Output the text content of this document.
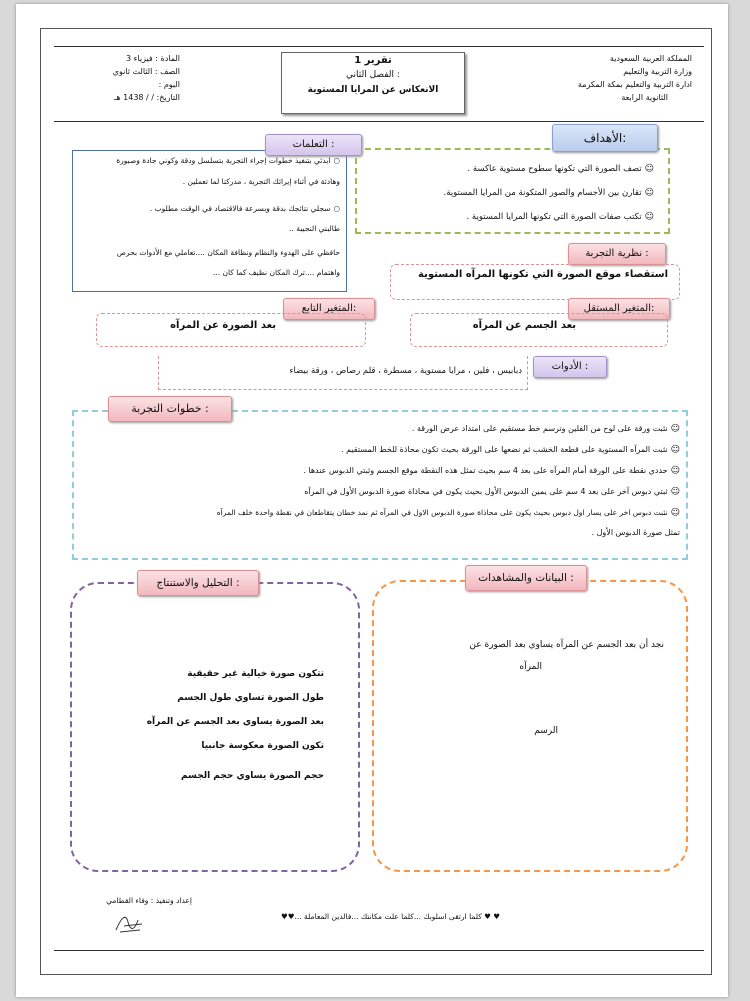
المملكة العربية السعودية
وزارة التربية والتعليم
ادارة التربية والتعليم بمكة المكرمة
الثانوية الرابعة
المادة : فيزياء 3
الصف : الثالث ثانوي
اليوم :
التاريخ: / / 1438 هـ
تقرير 1
الفصل الثاني :
الانعكاس عن المرايا المستوية
الأهداف:
☺تصف الصورة التي تكونها سطوح مستوية عاكسة .
☺تقارن بين الأجسام والصور المتكونة من المرايا المستوية.
☺تكتب صفات الصورة التي تكونها المرايا المستوية .
التعلمات :
○ابدئي بتنفيذ خطوات إجراء التجربة بتسلسل ودقة وكوني جادة وصبورة
وهادئة في أثناء إيرائك التجربة ، مدركتا لما تعملين .
○سجلي نتائجك بدقة وبسرعة فالاقتصاد في الوقت مطلوب .
طالبتي النجيبة ..
حافظي على الهدوء والنظام ونظافة المكان ....تعاملي مع الأدوات بحرص
واهتمام ....ترك المكان نظيف كما كان ...
نظرية التجربة :
استقصاء موقع الصورة التي تكونها المرآه المستوية
المتغير المستقل:
بعد الجسم عن المرآه
المتغير التابع:
بعد الصورة عن المرآه
الأدوات :
دبابيس ، فلين ، مرايا مستوية ، مسطرة ، قلم رصاص ، ورقة بيضاء
خطوات التجربة :
☺نثبت ورقة على لوح من الفلين ونرسم خط مستقيم على امتداد عرض الورقة .
☺نثبت المرآه المستوية على قطعة الخشب ثم نضعها على الورقة بحيث تكون محاذة للخط المستقيم .
☺حددي نقطة على الورقة أمام المرآه على بعد 4 سم بحيث تمثل هذه النقطة موقع الجسم وثبتي الدبوس عندها .
☺ثبتي دبوس آخر على بعد 4 سم على يمين الدبوس الأول بحيث يكون في محاذاة صورة الدبوس الأول في المرآه
☺نثبت دبوس اخر على يسار اول دبوس بحيث يكون على محاذاة صورة الدبوس الاول في المرآه ثم نمد خطان يتقاطعان في نقطة واحدة خلف المرآه
تمثل صورة الدبوس الأول .
البيانات والمشاهدات :
نجد أن بعد الجسم عن المرآه يساوي بعد الصورة عن
المرآه
الرسم
التحليل والاستنتاج :
تتكون صورة خيالية غير حقيقية
طول الصورة تساوي طول الجسم
بعد الصورة يساوي بعد الجسم عن المرآه
تكون الصورة معكوسة جانبيا
حجم الصورة يساوي حجم الجسم
إعداد وتنفيذ : وفاء القطامي
♥ ♥ كلما ارتقى اسلوبك ...كلما علت مكانتك ...فالدين المعاملة ...♥♥
